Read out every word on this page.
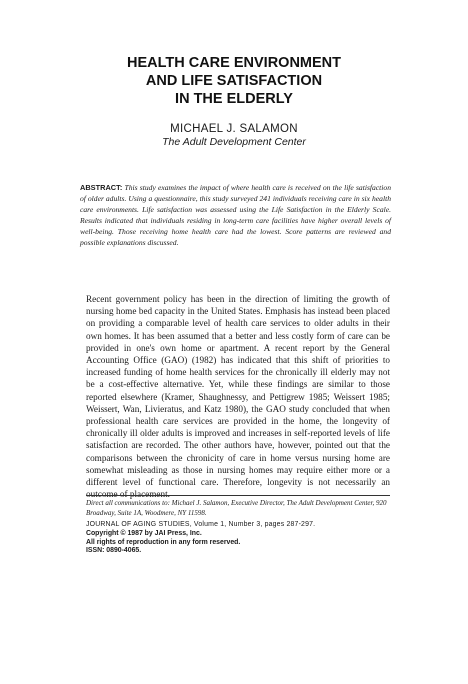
HEALTH CARE ENVIRONMENT
AND LIFE SATISFACTION
IN THE ELDERLY
MICHAEL J. SALAMON
The Adult Development Center
ABSTRACT: This study examines the impact of where health care is received on the life satisfaction of older adults. Using a questionnaire, this study surveyed 241 individuals receiving care in six health care environments. Life satisfaction was assessed using the Life Satisfaction in the Elderly Scale. Results indicated that individuals residing in long-term care facilities have higher overall levels of well-being. Those receiving home health care had the lowest. Score patterns are reviewed and possible explanations discussed.

Recent government policy has been in the direction of limiting the growth of nursing home bed capacity in the United States. Emphasis has instead been placed on providing a comparable level of health care services to older adults in their own homes. It has been assumed that a better and less costly form of care can be provided in one's own home or apartment. A recent report by the General Accounting Office (GAO) (1982) has indicated that this shift of priorities to increased funding of home health services for the chronically ill elderly may not be a cost-effective alternative. Yet, while these findings are similar to those reported elsewhere (Kramer, Shaughnessy, and Pettigrew 1985; Weissert 1985; Weissert, Wan, Livieratus, and Katz 1980), the GAO study concluded that when professional health care services are provided in the home, the longevity of chronically ill older adults is improved and increases in self-reported levels of life satisfaction are recorded. The other authors have, however, pointed out that the comparisons between the chronicity of care in home versus nursing home are somewhat misleading as those in nursing homes may require either more or a different level of functional care. Therefore, longevity is not necessarily an outcome of placement.

Direct all communications to: Michael J. Salamon, Executive Director, The Adult Development Center, 920 Broadway, Suite 1A, Woodmere, NY 11598.
JOURNAL OF AGING STUDIES, Volume 1, Number 3, pages 287-297.
Copyright © 1987 by JAI Press, Inc.
All rights of reproduction in any form reserved.
ISSN: 0890-4065.
